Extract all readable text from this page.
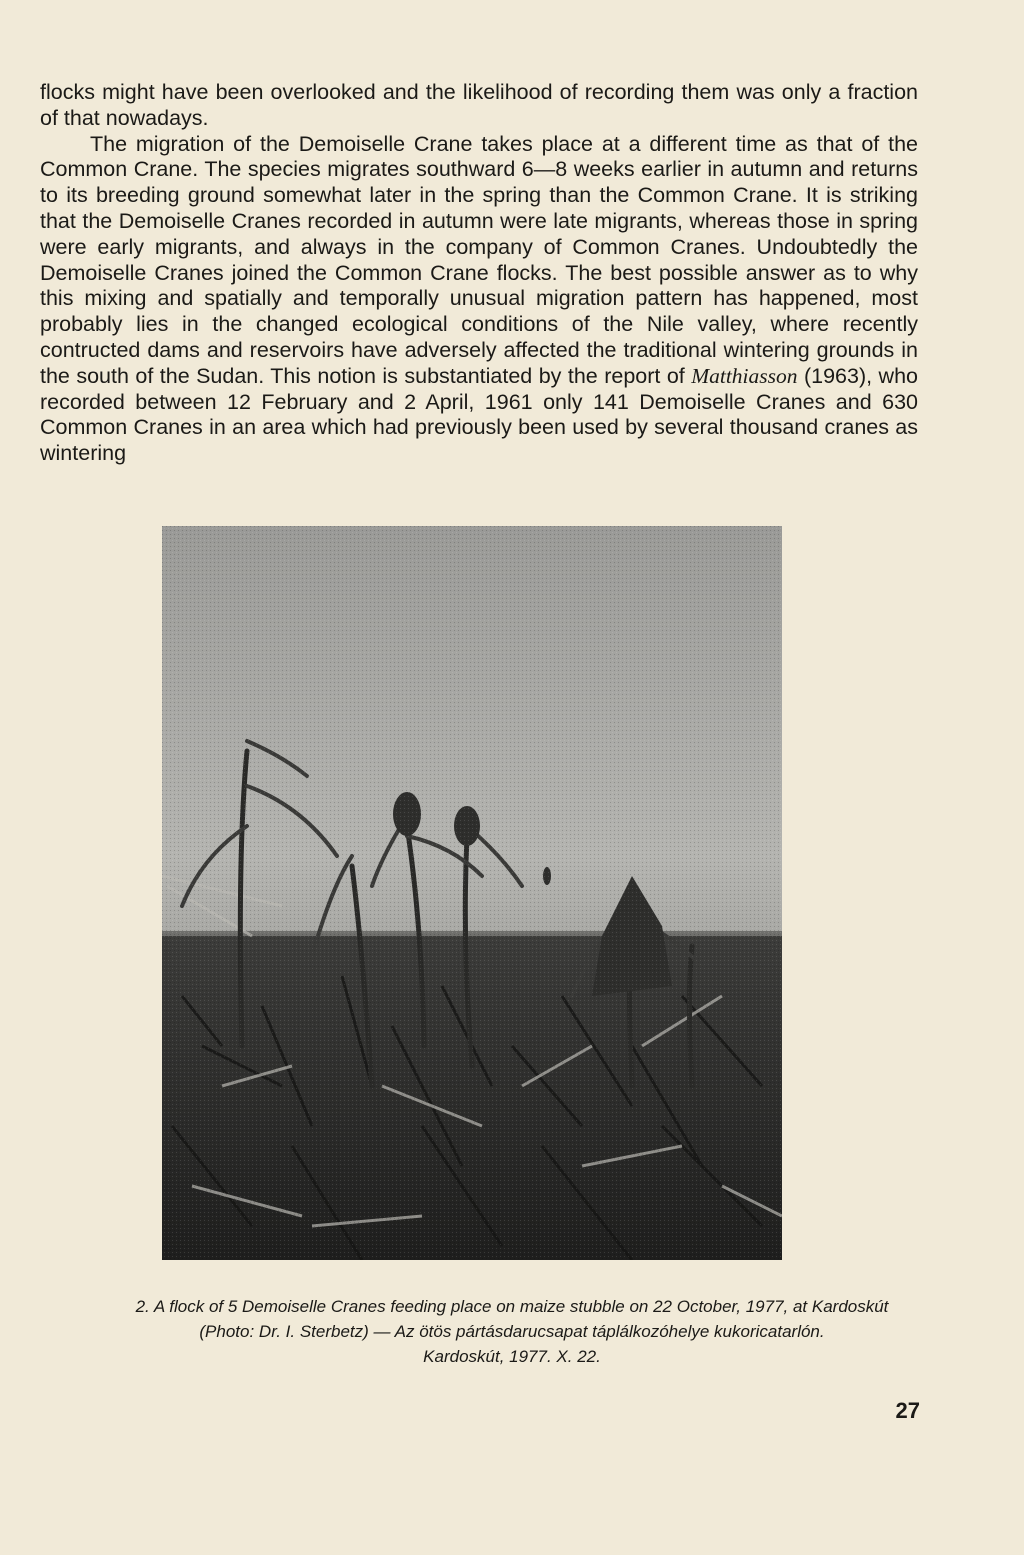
flocks might have been overlooked and the likelihood of recording them was only a fraction of that nowadays.

The migration of the Demoiselle Crane takes place at a different time as that of the Common Crane. The species migrates southward 6—8 weeks earlier in autumn and returns to its breeding ground somewhat later in the spring than the Common Crane. It is striking that the Demoiselle Cranes recorded in autumn were late migrants, whereas those in spring were early migrants, and always in the company of Common Cranes. Undoubtedly the Demoiselle Cranes joined the Common Crane flocks. The best possible answer as to why this mixing and spatially and temporally unusual migration pattern has happened, most probably lies in the changed ecological conditions of the Nile valley, where recently contructed dams and reservoirs have adversely affected the traditional wintering grounds in the south of the Sudan. This notion is substantiated by the report of Matthiasson (1963), who recorded between 12 February and 2 April, 1961 only 141 Demoiselle Cranes and 630 Common Cranes in an area which had previously been used by several thousand cranes as wintering

2. A flock of 5 Demoiselle Cranes feeding place on maize stubble on 22 October, 1977, at Kardoskút
(Photo: Dr. I. Sterbetz) — Az ötös pártásdarucsapat táplálkozóhelye kukoricatarlón.
Kardoskút, 1977. X. 22.
27
